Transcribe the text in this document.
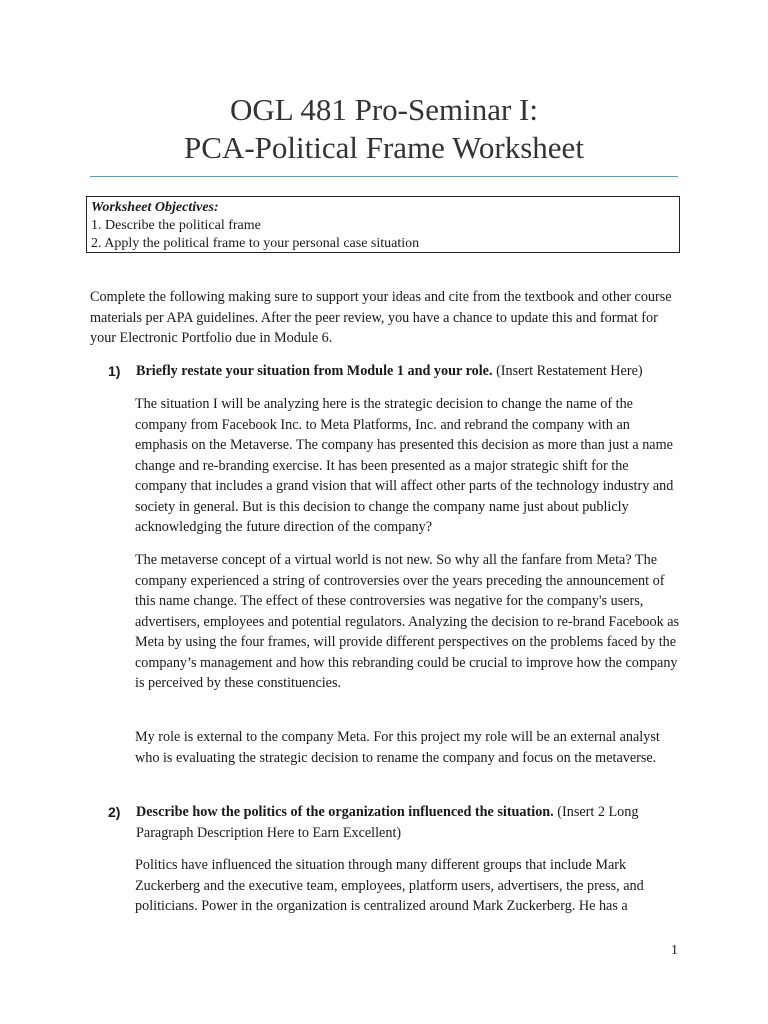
OGL 481 Pro-Seminar I:
PCA-Political Frame Worksheet
Worksheet Objectives:
1. Describe the political frame
2. Apply the political frame to your personal case situation

Complete the following making sure to support your ideas and cite from the textbook and other course materials per APA guidelines. After the peer review, you have a chance to update this and format for your Electronic Portfolio due in Module 6.

1) Briefly restate your situation from Module 1 and your role. (Insert Restatement Here)

The situation I will be analyzing here is the strategic decision to change the name of the company from Facebook Inc. to Meta Platforms, Inc. and rebrand the company with an emphasis on the Metaverse. The company has presented this decision as more than just a name change and re-branding exercise. It has been presented as a major strategic shift for the company that includes a grand vision that will affect other parts of the technology industry and society in general. But is this decision to change the company name just about publicly acknowledging the future direction of the company?

The metaverse concept of a virtual world is not new. So why all the fanfare from Meta? The company experienced a string of controversies over the years preceding the announcement of this name change. The effect of these controversies was negative for the company's users, advertisers, employees and potential regulators. Analyzing the decision to re-brand Facebook as Meta by using the four frames, will provide different perspectives on the problems faced by the company’s management and how this rebranding could be crucial to improve how the company is perceived by these constituencies.

My role is external to the company Meta. For this project my role will be an external analyst who is evaluating the strategic decision to rename the company and focus on the metaverse.

2) Describe how the politics of the organization influenced the situation. (Insert 2 Long Paragraph Description Here to Earn Excellent)

Politics have influenced the situation through many different groups that include Mark Zuckerberg and the executive team, employees, platform users, advertisers, the press, and politicians. Power in the organization is centralized around Mark Zuckerberg. He has a

1
